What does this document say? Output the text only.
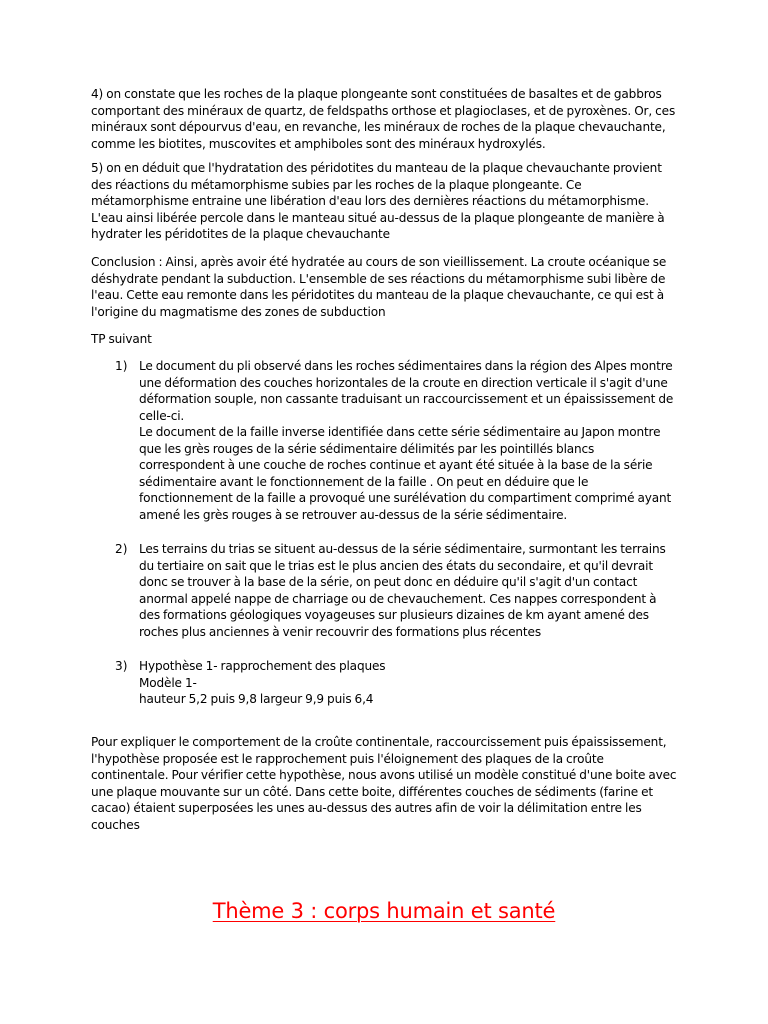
4) on constate que les roches de la plaque plongeante sont constituées de basaltes et de gabbros comportant des minéraux de quartz, de feldspaths orthose et plagioclases, et de pyroxènes. Or, ces minéraux sont dépourvus d'eau, en revanche, les minéraux de roches de la plaque chevauchante, comme les biotites, muscovites et amphiboles sont des minéraux hydroxylés.

5) on en déduit que l'hydratation des péridotites du manteau de la plaque chevauchante provient des réactions du métamorphisme subies par les roches de la plaque plongeante. Ce métamorphisme entraine une libération d'eau lors des dernières réactions du métamorphisme. L'eau ainsi libérée percole dans le manteau situé au-dessus de la plaque plongeante de manière à hydrater les péridotites de la plaque chevauchante

Conclusion : Ainsi, après avoir été hydratée au cours de son vieillissement. La croute océanique se déshydrate pendant la subduction. L'ensemble de ses réactions du métamorphisme subi libère de l'eau. Cette eau remonte dans les péridotites du manteau de la plaque chevauchante, ce qui est à l'origine du magmatisme des zones de subduction

TP suivant

1) Le document du pli observé dans les roches sédimentaires dans la région des Alpes montre une déformation des couches horizontales de la croute en direction verticale il s'agit d'une déformation souple, non cassante traduisant un raccourcissement et un épaississement de celle-ci.
Le document de la faille inverse identifiée dans cette série sédimentaire au Japon montre que les grès rouges de la série sédimentaire délimités par les pointillés blancs correspondent à une couche de roches continue et ayant été située à la base de la série sédimentaire avant le fonctionnement de la faille . On peut en déduire que le fonctionnement de la faille a provoqué une surélévation du compartiment comprimé ayant amené les grès rouges à se retrouver au-dessus de la série sédimentaire.
2) Les terrains du trias se situent au-dessus de la série sédimentaire, surmontant les terrains du tertiaire on sait que le trias est le plus ancien des états du secondaire, et qu'il devrait donc se trouver à la base de la série, on peut donc en déduire qu'il s'agit d'un contact anormal appelé nappe de charriage ou de chevauchement. Ces nappes correspondent à des formations géologiques voyageuses sur plusieurs dizaines de km ayant amené des roches plus anciennes à venir recouvrir des formations plus récentes
3) Hypothèse 1- rapprochement des plaques
Modèle 1-
hauteur 5,2 puis 9,8 largeur 9,9 puis 6,4

Pour expliquer le comportement de la croûte continentale, raccourcissement puis épaississement, l'hypothèse proposée est le rapprochement puis l'éloignement des plaques de la croûte continentale. Pour vérifier cette hypothèse, nous avons utilisé un modèle constitué d'une boite avec une plaque mouvante sur un côté. Dans cette boite, différentes couches de sédiments (farine et cacao) étaient superposées les unes au-dessus des autres afin de voir la délimitation entre les couches

Thème 3 : corps humain et santé
